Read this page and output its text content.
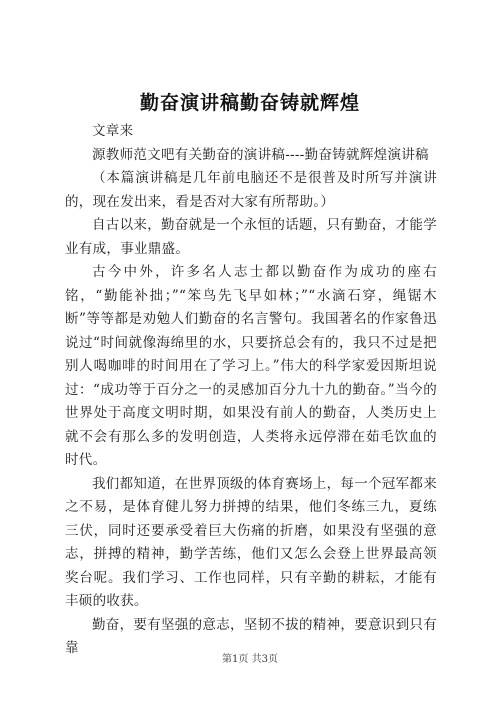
勤奋演讲稿勤奋铸就辉煌

文章来

源教师范文吧有关勤奋的演讲稿----勤奋铸就辉煌演讲稿

（本篇演讲稿是几年前电脑还不是很普及时所写并演讲的，现在发出来，看是否对大家有所帮助。）

自古以来，勤奋就是一个永恒的话题，只有勤奋，才能学业有成，事业鼎盛。

古今中外，许多名人志士都以勤奋作为成功的座右铭，“勤能补拙；”“笨鸟先飞早如林；”“水滴石穿，绳锯木断”等等都是劝勉人们勤奋的名言警句。我国著名的作家鲁迅说过“时间就像海绵里的水，只要挤总会有的，我只不过是把别人喝咖啡的时间用在了学习上。”伟大的科学家爱因斯坦说过：“成功等于百分之一的灵感加百分九十九的勤奋。”当今的世界处于高度文明时期，如果没有前人的勤奋，人类历史上就不会有那么多的发明创造，人类将永远停滞在茹毛饮血的时代。

我们都知道，在世界顶级的体育赛场上，每一个冠军都来之不易，是体育健儿努力拼搏的结果，他们冬练三九，夏练三伏，同时还要承受着巨大伤痛的折磨，如果没有坚强的意志，拼搏的精神，勤学苦练，他们又怎么会登上世界最高领奖台呢。我们学习、工作也同样，只有辛勤的耕耘，才能有丰硕的收获。

勤奋，要有坚强的意志，坚韧不拔的精神，要意识到只有靠

第1页 共3页
